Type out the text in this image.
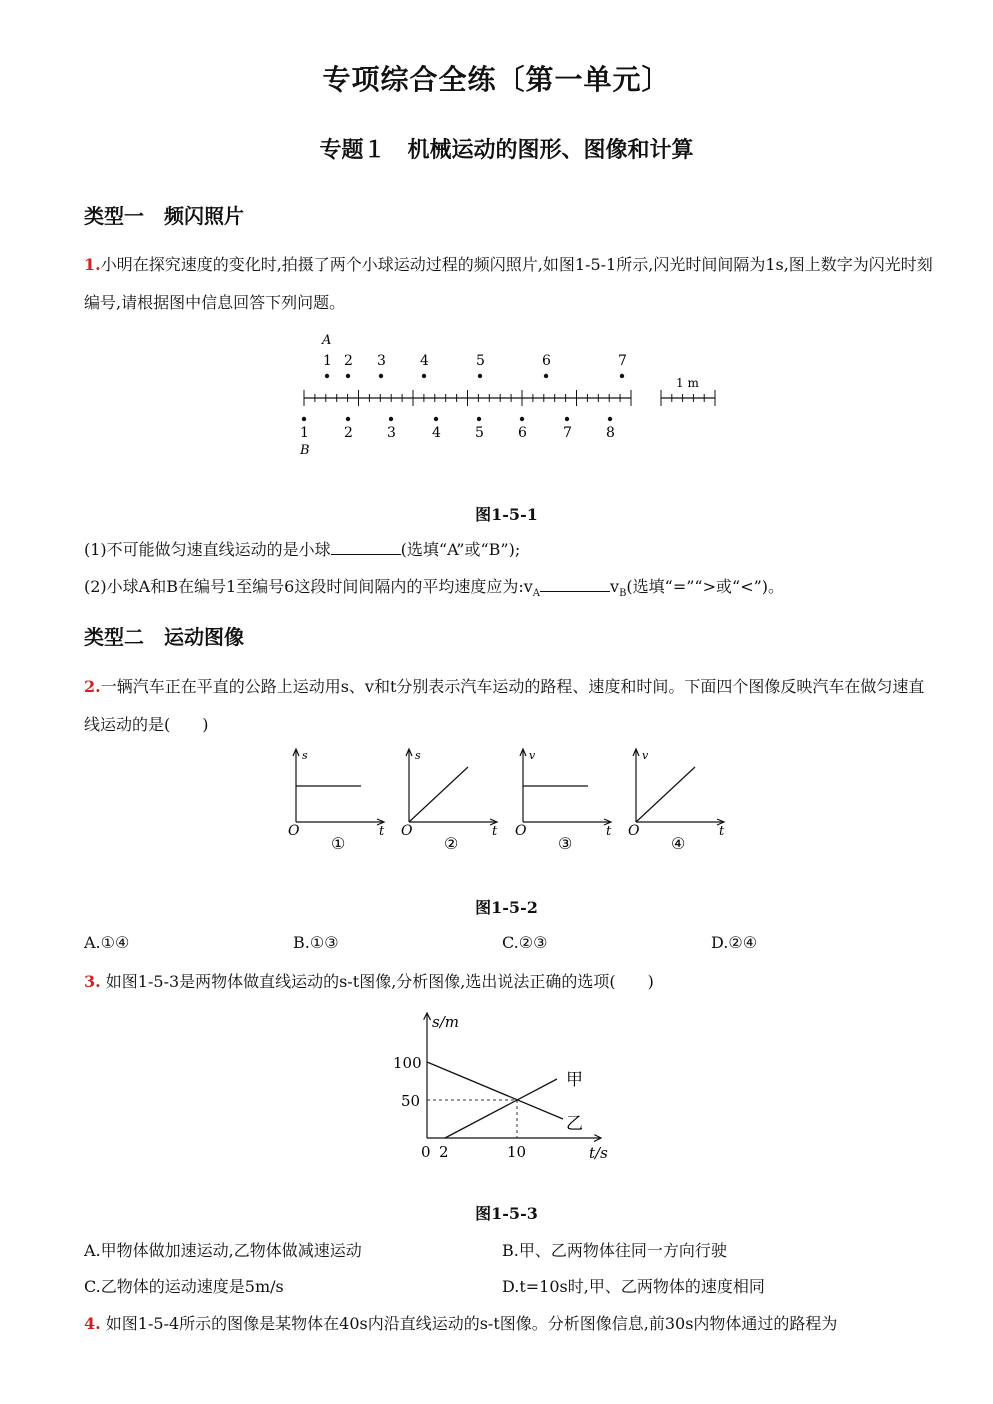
专项综合全练〔第一单元〕
专题１　机械运动的图形、图像和计算
类型一　频闪照片
1.小明在探究速度的变化时,拍摄了两个小球运动过程的频闪照片,如图1-5-1所示,闪光时间间隔为1s,图上数字为闪光时刻编号,请根据图中信息回答下列问题。
A
1 2 3 4	5	6	7
1	2 3	4 5 6	7 8
B
1 m
图1-5-1
(1)不可能做匀速直线运动的是小球	(选填“A”或“B”);
(2)小球A和B在编号1至编号6这段时间间隔内的平均速度应为$:v_A$	$v_B$(选填“=”“>或“<”)。
类型二　运动图像
2.一辆汽车正在平直的公路上运动用s、v和t分别表示汽车运动的路程、速度和时间。下面四个图像反映汽车在做匀速直线运动的是(　　)
s
O	t
①
s
O	t
②
v
O	t
③
v
O	t
④
图1-5-2
A.①④	B.①③	C.②③	D.②④
3. 如图1-5-3是两物体做直线运动的s-t图像,分析图像,选出说法正确的选项(　　)
s/m
t/s
100
50
0 2	10
甲
乙
图1-5-3
A.甲物体做加速运动,乙物体做减速运动	B.甲、乙两物体往同一方向行驶
C.乙物体的运动速度是5m/s	D.t=10s时,甲、乙两物体的速度相同
4. 如图1-5-4所示的图像是某物体在40s内沿直线运动的s-t图像。分析图像信息,前30s内物体通过的路程为
